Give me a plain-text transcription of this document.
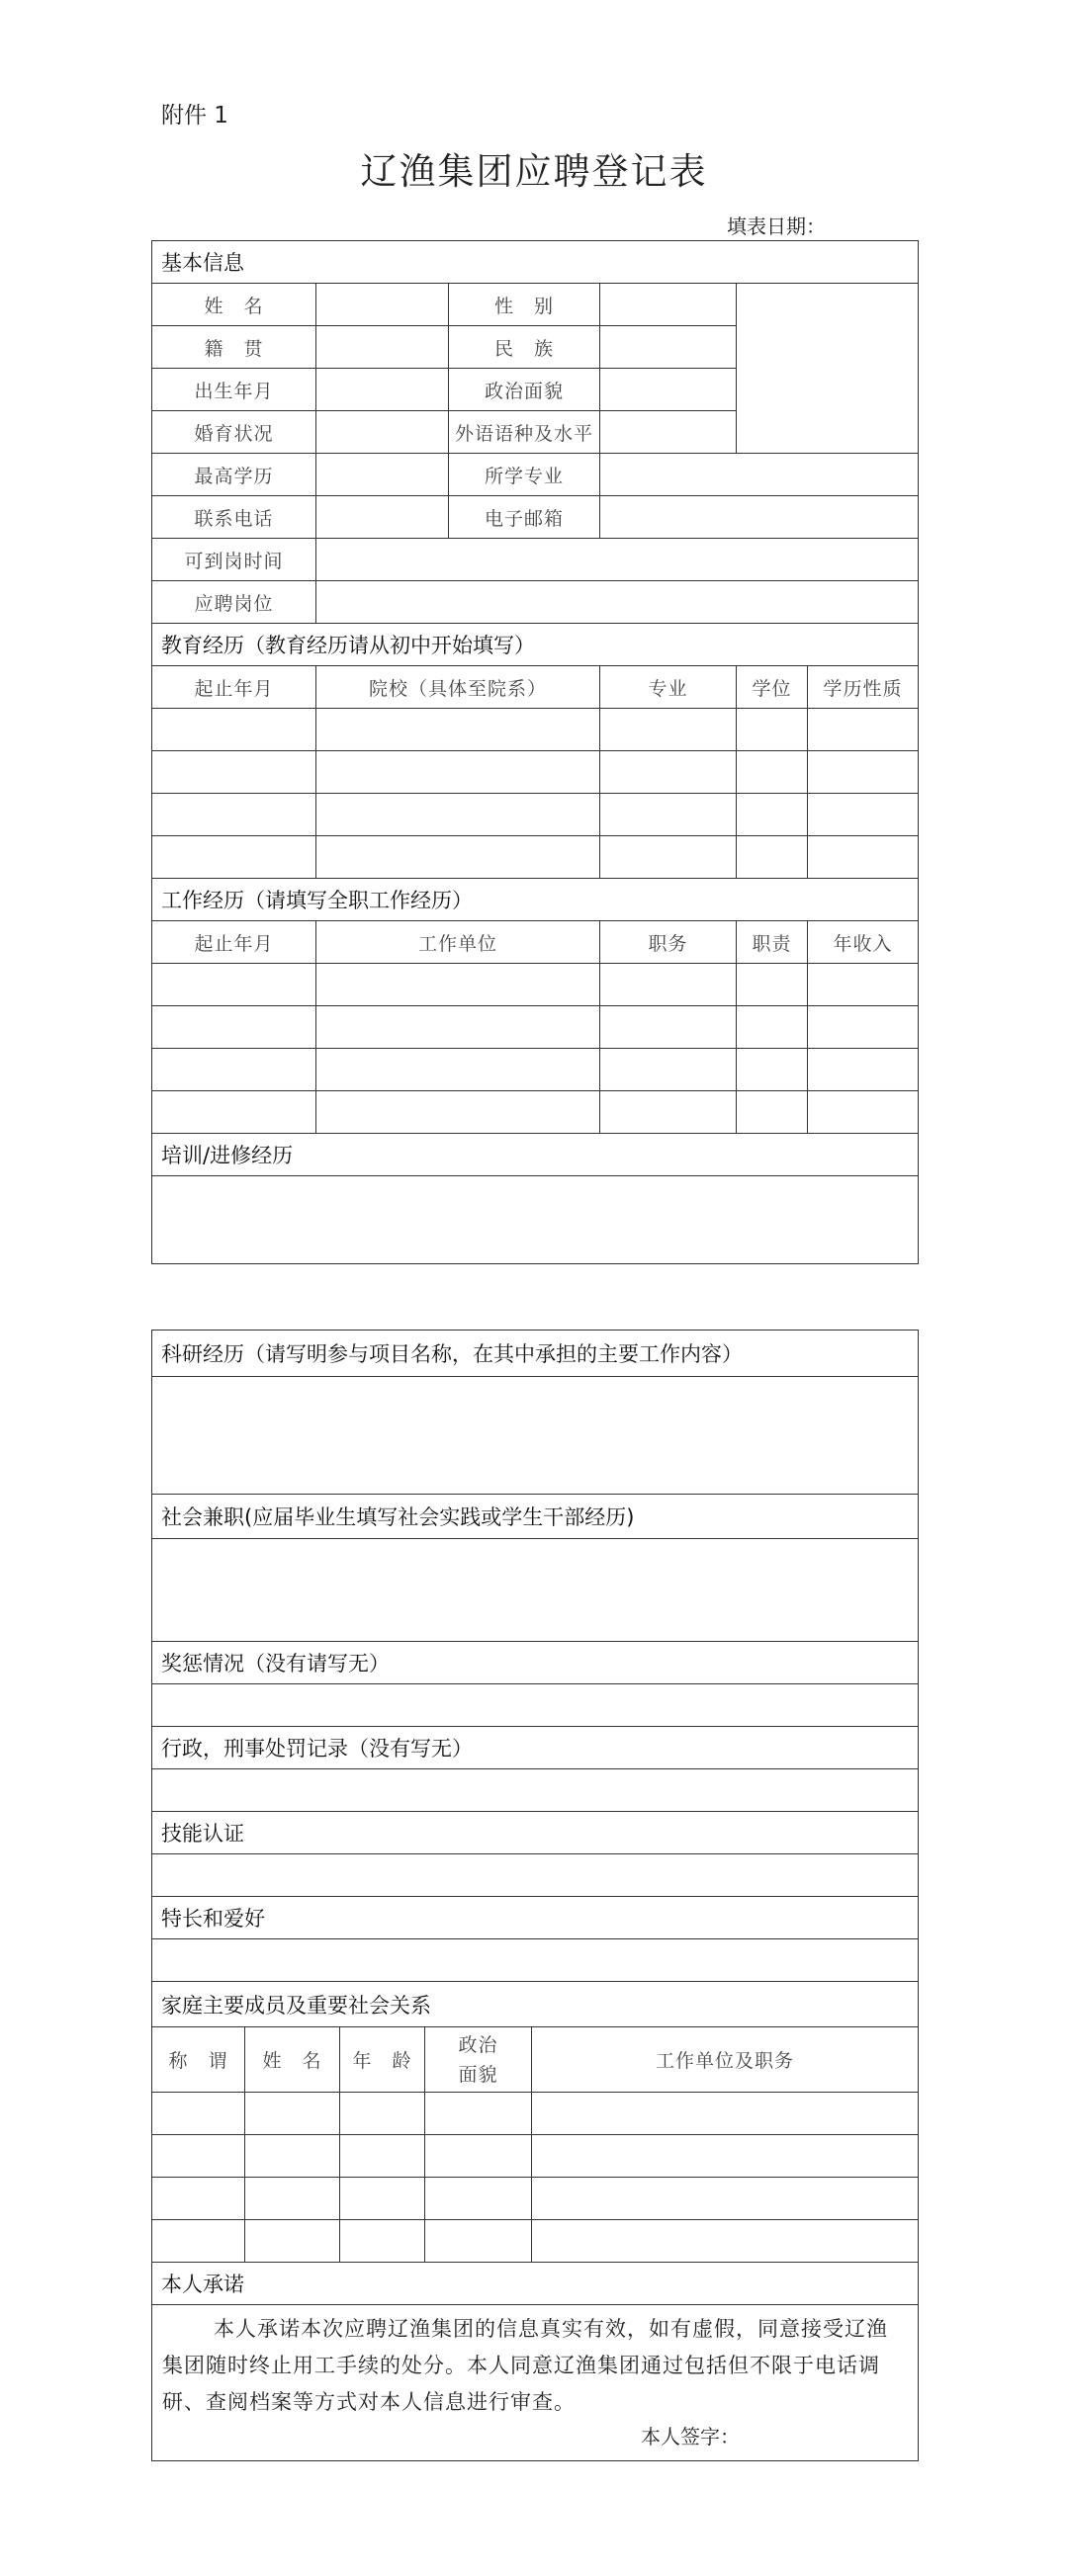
附件 1
辽渔集团应聘登记表
填表日期：
基本信息					
姓　名		性　别			
籍　贯		民　族			
出生年月		政治面貌			
婚育状况		外语语种及水平			
最高学历		所学专业			
联系电话		电子邮箱			
可到岗时间					
应聘岗位					
教育经历（教育经历请从初中开始填写）					
起止年月	院校（具体至院系）		专业	学位	学历性质

工作经历（请填写全职工作经历）					
起止年月	工作单位		职务	职责	年收入

培训/进修经历					

科研经历（请写明参与项目名称，在其中承担的主要工作内容）				

社会兼职(应届毕业生填写社会实践或学生干部经历)				

奖惩情况（没有请写无）				

行政，刑事处罚记录（没有写无）				

技能认证				

特长和爱好				

家庭主要成员及重要社会关系				
称　谓	姓　名	年　龄	政治面貌	工作单位及职务

本人承诺				

本人承诺本次应聘辽渔集团的信息真实有效，如有虚假，同意接受辽渔集团随时终止用工手续的处分。本人同意辽渔集团通过包括但不限于电话调研、查阅档案等方式对本人信息进行审查。
本人签字：				
